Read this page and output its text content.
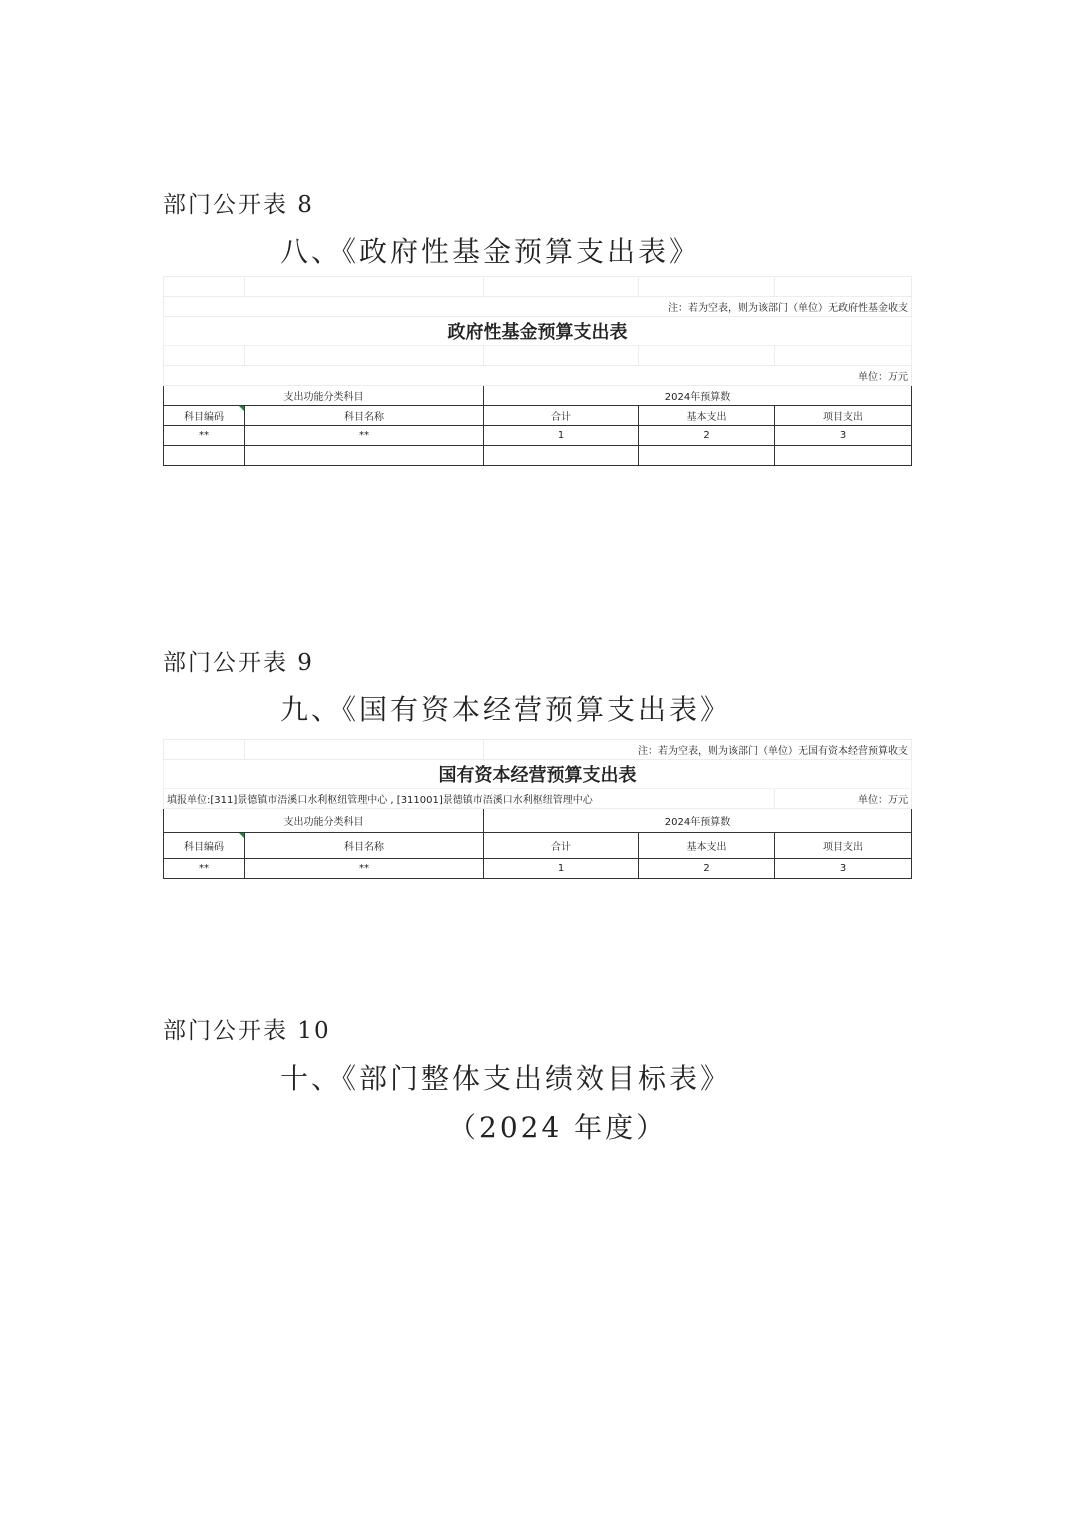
部门公开表 8
八、《政府性基金预算支出表》

注：若为空表，则为该部门（单位）无政府性基金收支				
政府性基金预算支出表				

单位：万元				
支出功能分类科目		2024年预算数		
科目编码	科目名称	合计	基本支出	项目支出
**	**	1	2	3

部门公开表 9
九、《国有资本经营预算支出表》
		注：若为空表，则为该部门（单位）无国有资本经营预算收支		
国有资本经营预算支出表				
填报单位:[311]景德镇市浯溪口水利枢纽管理中心 , [311001]景德镇市浯溪口水利枢纽管理中心				单位：万元
支出功能分类科目		2024年预算数		
科目编码	科目名称	合计	基本支出	项目支出
**	**	1	2	3
部门公开表 10
十、《部门整体支出绩效目标表》
（2024 年度）
